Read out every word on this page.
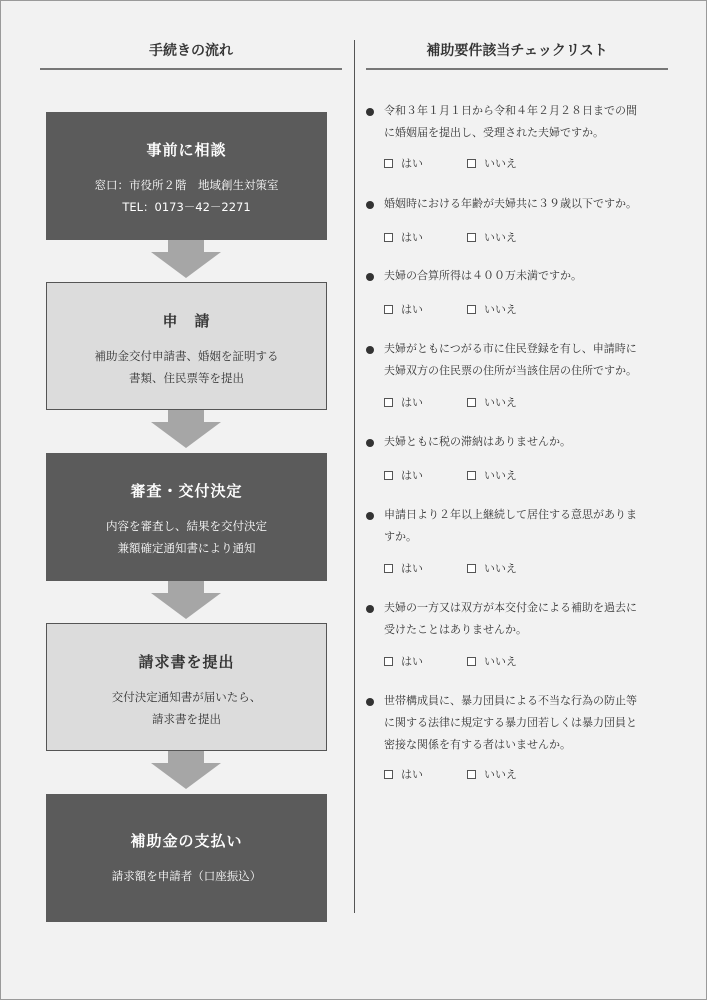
手続きの流れ	補助要件該当チェックリスト
事前に相談
窓口：市役所２階　地域創生対策室
TEL：0173－42－2271
申　請
補助金交付申請書、婚姻を証明する
書類、住民票等を提出
審査・交付決定
内容を審査し、結果を交付決定
兼額確定通知書により通知
請求書を提出
交付決定通知書が届いたら、
請求書を提出
補助金の支払い
請求額を申請者（口座振込）
令和３年１月１日から令和４年２月２８日までの間
に婚姻届を提出し、受理された夫婦ですか。
はい	いいえ
婚姻時における年齢が夫婦共に３９歳以下ですか。
はい	いいえ
夫婦の合算所得は４００万未満ですか。
はい	いいえ
夫婦がともにつがる市に住民登録を有し、申請時に
夫婦双方の住民票の住所が当該住居の住所ですか。
はい	いいえ
夫婦ともに税の滞納はありませんか。
はい	いいえ
申請日より２年以上継続して居住する意思がありま
すか。
はい	いいえ
夫婦の一方又は双方が本交付金による補助を過去に
受けたことはありませんか。
はい	いいえ
世帯構成員に、暴力団員による不当な行為の防止等
に関する法律に規定する暴力団若しくは暴力団員と
密接な関係を有する者はいませんか。
はい	いいえ
